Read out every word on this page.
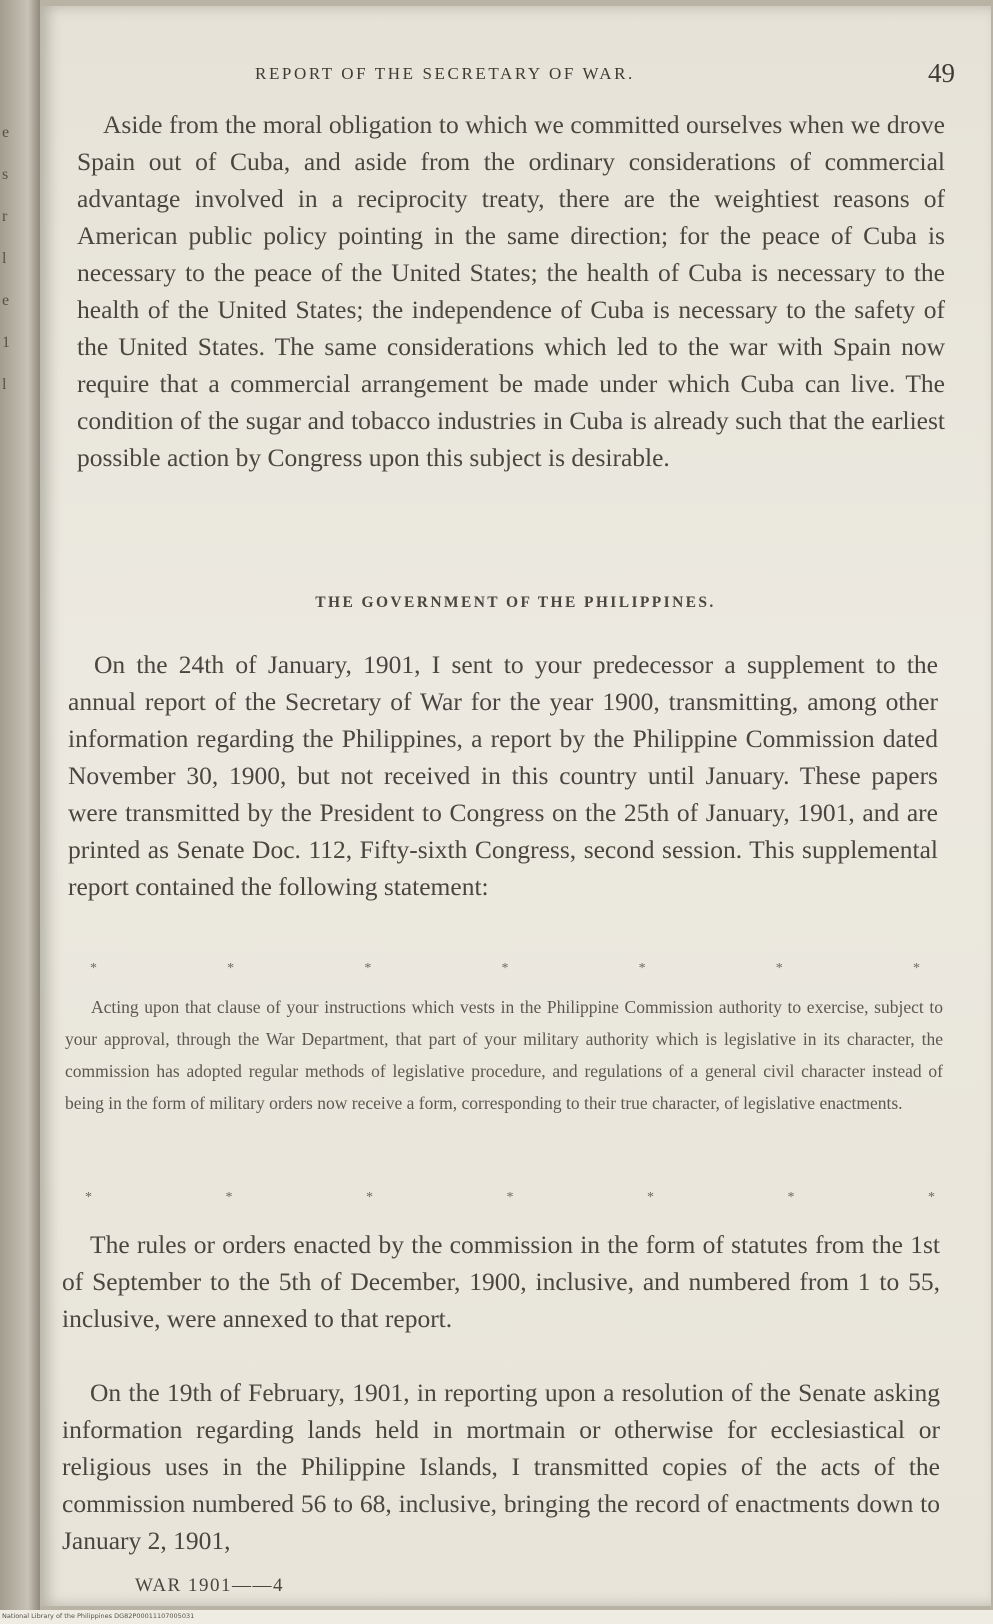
e
s
r
l
e
1
l
REPORT OF THE SECRETARY OF WAR.	49

Aside from the moral obligation to which we committed ourselves when we drove Spain out of Cuba, and aside from the ordinary considerations of commercial advantage involved in a reciprocity treaty, there are the weightiest reasons of American public policy pointing in the same direction; for the peace of Cuba is necessary to the peace of the United States; the health of Cuba is necessary to the health of the United States; the independence of Cuba is necessary to the safety of the United States. The same considerations which led to the war with Spain now require that a commercial arrangement be made under which Cuba can live. The condition of the sugar and tobacco industries in Cuba is already such that the earliest possible action by Congress upon this subject is desirable.

THE GOVERNMENT OF THE PHILIPPINES.

On the 24th of January, 1901, I sent to your predecessor a supplement to the annual report of the Secretary of War for the year 1900, transmitting, among other information regarding the Philippines, a report by the Philippine Commission dated November 30, 1900, but not received in this country until January. These papers were transmitted by the President to Congress on the 25th of January, 1901, and are printed as Senate Doc. 112, Fifty-sixth Congress, second session. This supplemental report contained the following statement:

*	*	*	*	*	*	*

Acting upon that clause of your instructions which vests in the Philippine Commission authority to exercise, subject to your approval, through the War Department, that part of your military authority which is legislative in its character, the commission has adopted regular methods of legislative procedure, and regulations of a general civil character instead of being in the form of military orders now receive a form, corresponding to their true character, of legislative enactments.

*	*	*	*	*	*	*

The rules or orders enacted by the commission in the form of statutes from the 1st of September to the 5th of December, 1900, inclusive, and numbered from 1 to 55, inclusive, were annexed to that report.

On the 19th of February, 1901, in reporting upon a resolution of the Senate asking information regarding lands held in mortmain or otherwise for ecclesiastical or religious uses in the Philippine Islands, I transmitted copies of the acts of the commission numbered 56 to 68, inclusive, bringing the record of enactments down to January 2, 1901,

WAR 1901——4
National Library of the Philippines DG82P00011107005031
